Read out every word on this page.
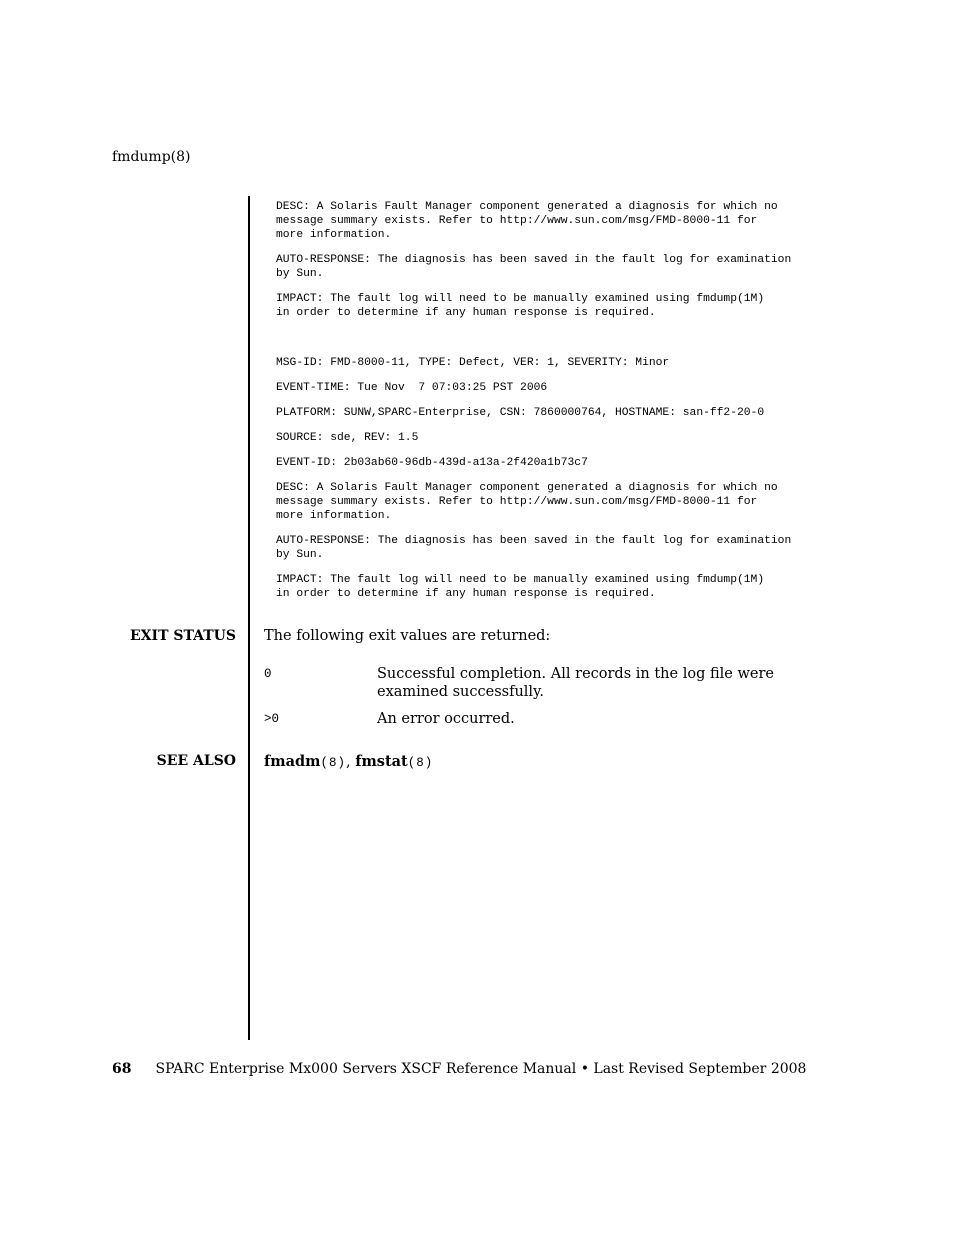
fmdump(8)
DESC: A Solaris Fault Manager component generated a diagnosis for which no
message summary exists. Refer to http://www.sun.com/msg/FMD-8000-11 for
more information.
AUTO-RESPONSE: The diagnosis has been saved in the fault log for examination
by Sun.
IMPACT: The fault log will need to be manually examined using fmdump(1M)
in order to determine if any human response is required.
MSG-ID: FMD-8000-11, TYPE: Defect, VER: 1, SEVERITY: Minor
EVENT-TIME: Tue Nov  7 07:03:25 PST 2006
PLATFORM: SUNW,SPARC-Enterprise, CSN: 7860000764, HOSTNAME: san-ff2-20-0
SOURCE: sde, REV: 1.5
EVENT-ID: 2b03ab60-96db-439d-a13a-2f420a1b73c7
DESC: A Solaris Fault Manager component generated a diagnosis for which no
message summary exists. Refer to http://www.sun.com/msg/FMD-8000-11 for
more information.
AUTO-RESPONSE: The diagnosis has been saved in the fault log for examination
by Sun.
IMPACT: The fault log will need to be manually examined using fmdump(1M)
in order to determine if any human response is required.
EXIT STATUS The following exit values are returned:
0	Successful completion. All records in the log file were examined successfully.
>0	An error occurred.
SEE ALSO fmadm(8), fmstat(8)
68 SPARC Enterprise Mx000 Servers XSCF Reference Manual • Last Revised September 2008
